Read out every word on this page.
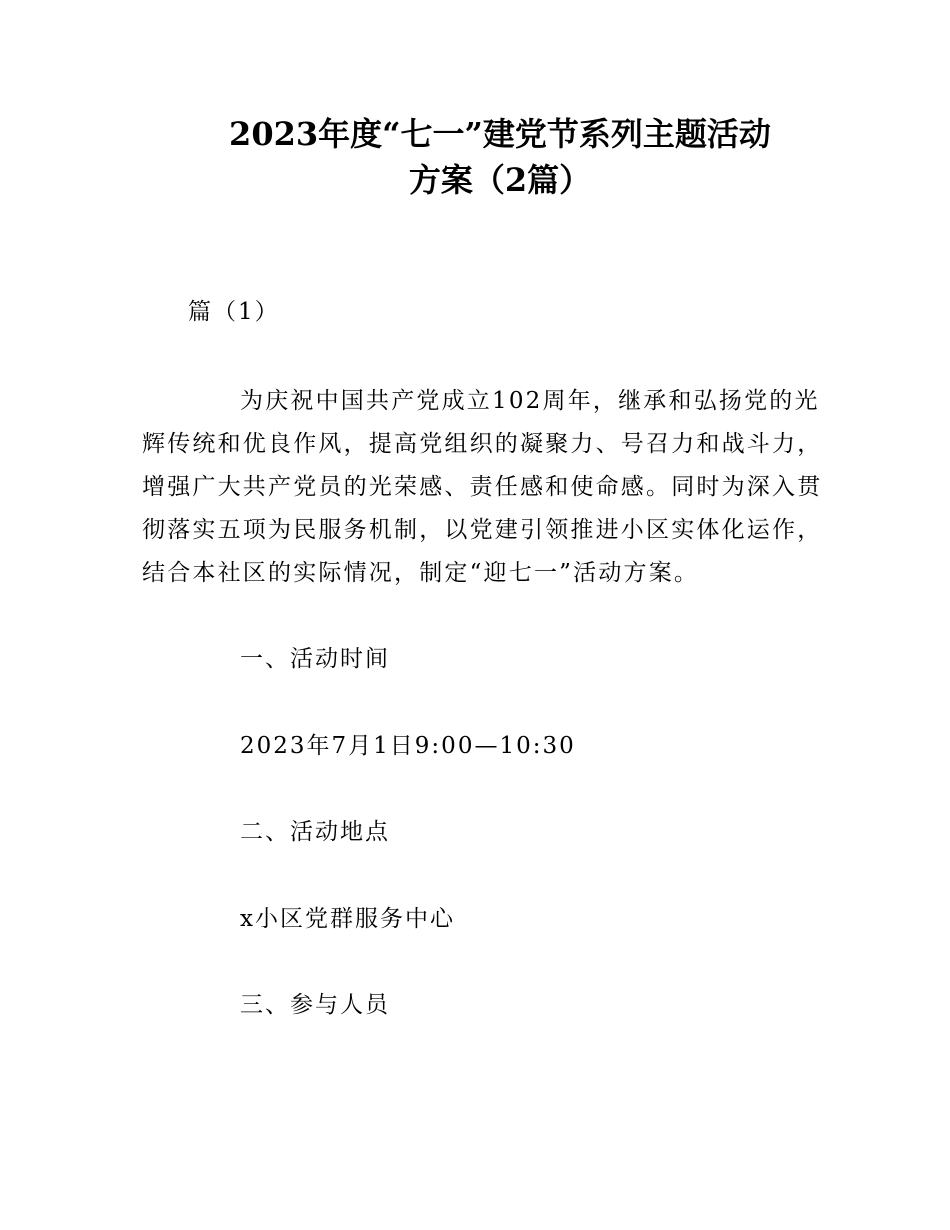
2023年度“七一”建党节系列主题活动
方案（2篇）
篇（1）
为庆祝中国共产党成立102周年，继承和弘扬党的光
辉传统和优良作风，提高党组织的凝聚力、号召力和战斗力，
增强广大共产党员的光荣感、责任感和使命感。同时为深入贯
彻落实五项为民服务机制，以党建引领推进小区实体化运作，
结合本社区的实际情况，制定“迎七一”活动方案。
一、活动时间
2023年7月1日9:00—10:30
二、活动地点
x小区党群服务中心
三、参与人员
